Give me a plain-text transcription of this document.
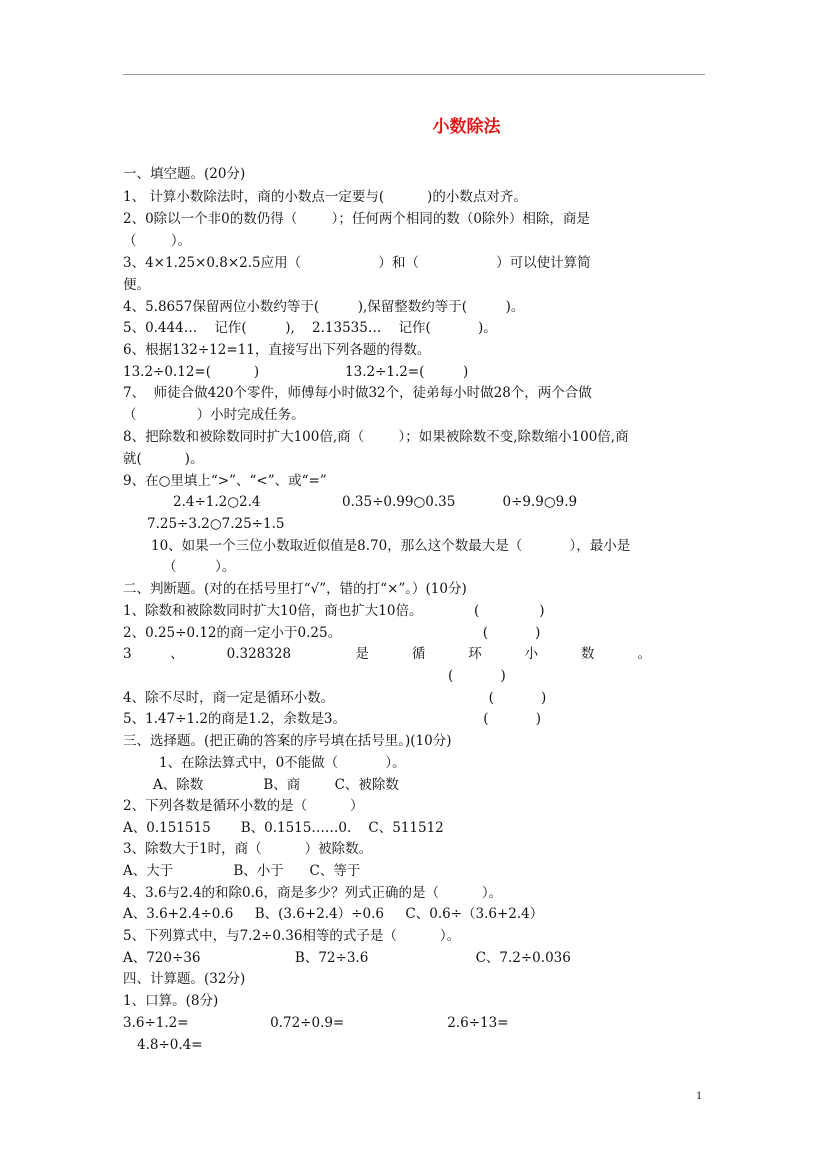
小数除法
一、填空题。(20分)
1、 计算小数除法时，商的小数点一定要与(          )的小数点对齐。
2、0除以一个非0的数仍得（        ）；任何两个相同的数（0除外）相除，商是
（        ）。
3、4×1.25×0.8×2.5应用（                  ）和（                  ）可以使计算简
便。
4、5.8657保留两位小数约等于(         ),保留整数约等于(         )。
5、0.444…    记作(         ),    2.13535…    记作(           )。
6、根据132÷12=11，直接写出下列各题的得数。
13.2÷0.12=(          )                    13.2÷1.2=(         )
7、  师徒合做420个零件，师傅每小时做32个，徒弟每小时做28个，两个合做
（              ）小时完成任务。
8、把除数和被除数同时扩大100倍,商（        ）；如果被除数不变,除数缩小100倍,商
就(          )。
9、在○里填上“>”、“<”、或“=”
2.4÷1.2○2.4                   0.35÷0.99○0.35           0÷9.9○9.9
7.25÷3.2○7.25÷1.5
10、如果一个三位小数取近似值是8.70，那么这个数最大是（           ），最小是
（         ）。
二、判断题。(对的在括号里打“√”，错的打“×”。）(10分)
1、除数和被除数同时扩大10倍，商也扩大10倍。            (              )
2、0.25÷0.12的商一定小于0.25。                                 (           )
3         、          0.328328               是          循          环          小          数          。
(           )
4、除不尽时，商一定是循环小数。                                    (           )
5、1.47÷1.2的商是1.2，余数是3。                                (           )
三、选择题。(把正确的答案的序号填在括号里。)(10分)
1、在除法算式中，0不能做（           ）。
A、除数              B、商        C、被除数
2、下列各数是循环小数的是（          ）
A、0.151515       B、0.1515……0.    C、511512
3、除数大于1时，商（          ）被除数。
A、大于              B、小于      C、等于
4、3.6与2.4的和除0.6，商是多少？列式正确的是（          ）。
A、3.6+2.4÷0.6     B、(3.6+2.4）÷0.6     C、0.6÷（3.6+2.4）
5、下列算式中，与7.2÷0.36相等的式子是（          ）。
A、720÷36                      B、72÷3.6                         C、7.2÷0.036
四、计算题。(32分)
1、口算。(8分)
3.6÷1.2=                   0.72÷0.9=                        2.6÷13=
4.8÷0.4=
1
